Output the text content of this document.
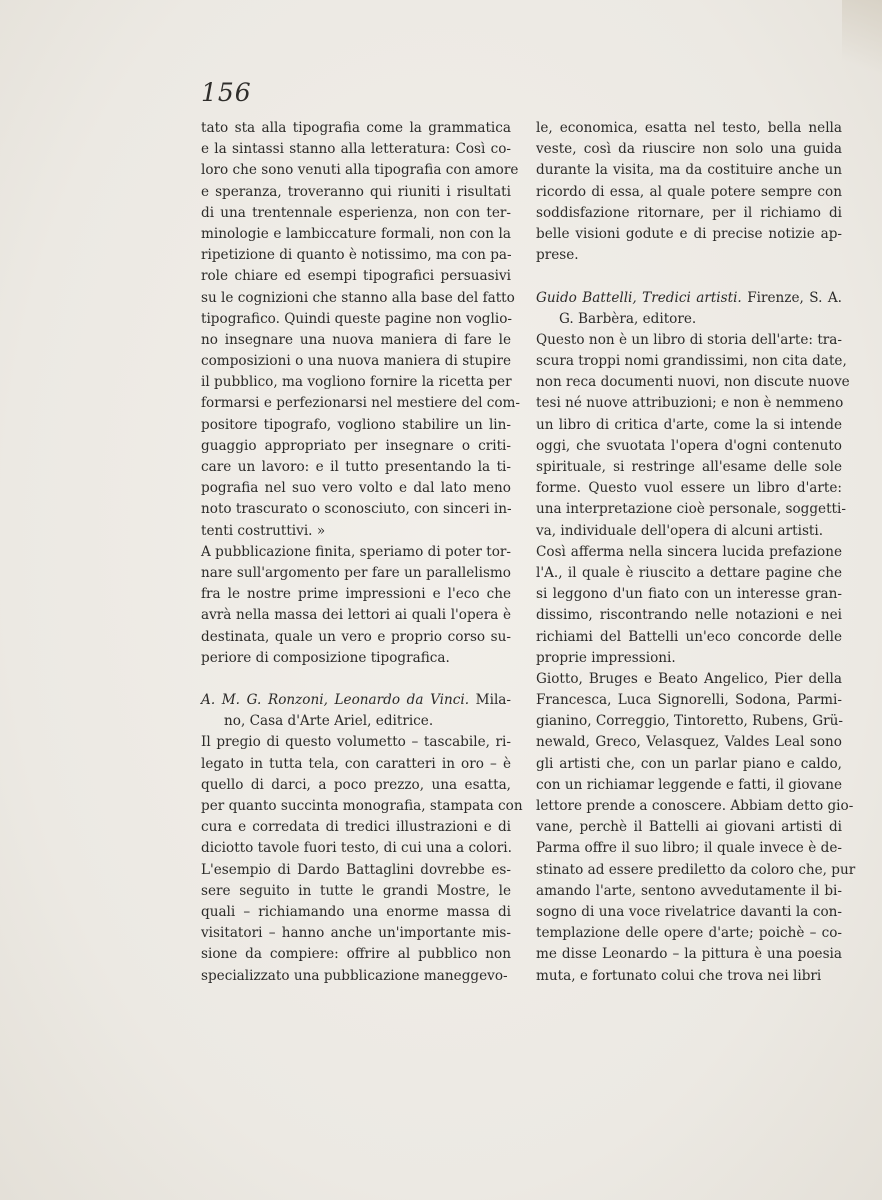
156
tato sta alla tipografia come la grammatica
e la sintassi stanno alla letteratura: Così co-
loro che sono venuti alla tipografia con amore
e speranza, troveranno qui riuniti i risultati
di una trentennale esperienza, non con ter-
minologie e lambiccature formali, non con la
ripetizione di quanto è notissimo, ma con pa-
role chiare ed esempi tipografici persuasivi
su le cognizioni che stanno alla base del fatto
tipografico. Quindi queste pagine non voglio-
no insegnare una nuova maniera di fare le
composizioni o una nuova maniera di stupire
il pubblico, ma vogliono fornire la ricetta per
formarsi e perfezionarsi nel mestiere del com-
positore tipografo, vogliono stabilire un lin-
guaggio appropriato per insegnare o criti-
care un lavoro: e il tutto presentando la ti-
pografia nel suo vero volto e dal lato meno
noto trascurato o sconosciuto, con sinceri in-
tenti costruttivi. »
A pubblicazione finita, speriamo di poter tor-
nare sull'argomento per fare un parallelismo
fra le nostre prime impressioni e l'eco che
avrà nella massa dei lettori ai quali l'opera è
destinata, quale un vero e proprio corso su-
periore di composizione tipografica.
A. M. G. Ronzoni, Leonardo da Vinci. Mila-
no, Casa d'Arte Ariel, editrice.
Il pregio di questo volumetto – tascabile, ri-
legato in tutta tela, con caratteri in oro – è
quello di darci, a poco prezzo, una esatta,
per quanto succinta monografia, stampata con
cura e corredata di tredici illustrazioni e di
diciotto tavole fuori testo, di cui una a colori.
L'esempio di Dardo Battaglini dovrebbe es-
sere seguito in tutte le grandi Mostre, le
quali – richiamando una enorme massa di
visitatori – hanno anche un'importante mis-
sione da compiere: offrire al pubblico non
specializzato una pubblicazione maneggevo-
le, economica, esatta nel testo, bella nella
veste, così da riuscire non solo una guida
durante la visita, ma da costituire anche un
ricordo di essa, al quale potere sempre con
soddisfazione ritornare, per il richiamo di
belle visioni godute e di precise notizie ap-
prese.
Guido Battelli, Tredici artisti. Firenze, S. A.
G. Barbèra, editore.
Questo non è un libro di storia dell'arte: tra-
scura troppi nomi grandissimi, non cita date,
non reca documenti nuovi, non discute nuove
tesi né nuove attribuzioni; e non è nemmeno
un libro di critica d'arte, come la si intende
oggi, che svuotata l'opera d'ogni contenuto
spirituale, si restringe all'esame delle sole
forme. Questo vuol essere un libro d'arte:
una interpretazione cioè personale, soggetti-
va, individuale dell'opera di alcuni artisti.
Così afferma nella sincera lucida prefazione
l'A., il quale è riuscito a dettare pagine che
si leggono d'un fiato con un interesse gran-
dissimo, riscontrando nelle notazioni e nei
richiami del Battelli un'eco concorde delle
proprie impressioni.
Giotto, Bruges e Beato Angelico, Pier della
Francesca, Luca Signorelli, Sodona, Parmi-
gianino, Correggio, Tintoretto, Rubens, Grü-
newald, Greco, Velasquez, Valdes Leal sono
gli artisti che, con un parlar piano e caldo,
con un richiamar leggende e fatti, il giovane
lettore prende a conoscere. Abbiam detto gio-
vane, perchè il Battelli ai giovani artisti di
Parma offre il suo libro; il quale invece è de-
stinato ad essere prediletto da coloro che, pur
amando l'arte, sentono avvedutamente il bi-
sogno di una voce rivelatrice davanti la con-
templazione delle opere d'arte; poichè – co-
me disse Leonardo – la pittura è una poesia
muta, e fortunato colui che trova nei libri
